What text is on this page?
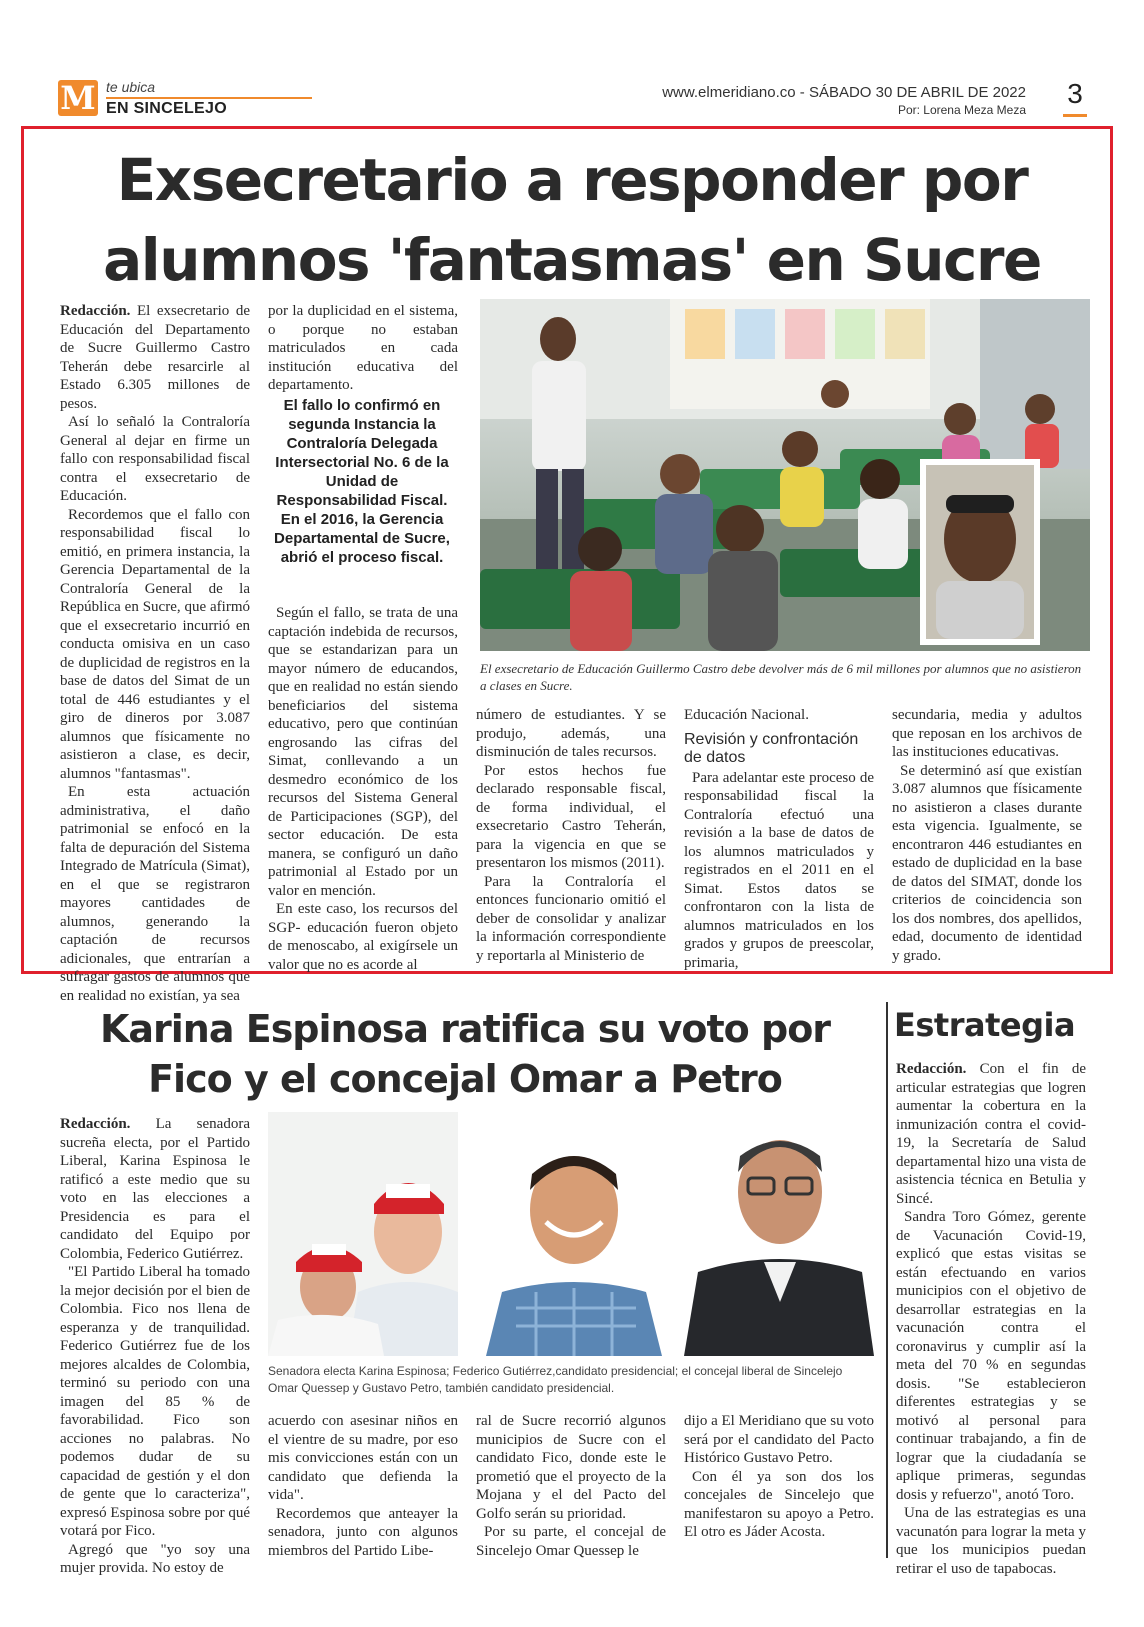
M te ubica
EN SINCELEJO
www.elmeridiano.co - SÁBADO 30 DE ABRIL DE 2022
Por: Lorena Meza Meza
3
Exsecretario a responder por
alumnos 'fantasmas' en Sucre

Redacción. El exsecretario de Educación del Departamento de Sucre Guillermo Castro Teherán debe resarcirle al Estado 6.305 millones de pesos.

Así lo señaló la Contraloría General al dejar en firme un fallo con responsabilidad fiscal contra el exsecretario de Educación.

Recordemos que el fallo con responsabilidad fiscal lo emitió, en primera instancia, la Gerencia Departamental de la Contraloría General de la República en Sucre, que afirmó que el exsecretario incurrió en conducta omisiva en un caso de duplicidad de registros en la base de datos del Simat de un total de 446 estudiantes y el giro de dineros por 3.087 alumnos que físicamente no asistieron a clase, es decir, alumnos "fantasmas".

En esta actuación administrativa, el daño patrimonial se enfocó en la falta de depuración del Sistema Integrado de Matrícula (Simat), en el que se registraron mayores cantidades de alumnos, generando la captación de recursos adicionales, que entrarían a sufragar gastos de alumnos que en realidad no existían, ya sea

por la duplicidad en el sistema, o porque no estaban matriculados en cada institución educativa del departamento.

El fallo lo confirmó en segunda Instancia la Contraloría Delegada Intersectorial No. 6 de la Unidad de Responsabilidad Fiscal. En el 2016, la Gerencia Departamental de Sucre, abrió el proceso fiscal.

Según el fallo, se trata de una captación indebida de recursos, que se estandarizan para un mayor número de educandos, que en realidad no están siendo beneficiarios del sistema educativo, pero que continúan engrosando las cifras del Simat, conllevando a un desmedro económico de los recursos del Sistema General de Participaciones (SGP), del sector educación. De esta manera, se configuró un daño patrimonial al Estado por un valor en mención.

En este caso, los recursos del SGP- educación fueron objeto de menoscabo, al exigírsele un valor que no es acorde al

El exsecretario de Educación Guillermo Castro debe devolver más de 6 mil millones por alumnos que no asistieron a clases en Sucre.

número de estudiantes. Y se produjo, además, una disminución de tales recursos.

Por estos hechos fue declarado responsable fiscal, de forma individual, el exsecretario Castro Teherán, para la vigencia en que se presentaron los mismos (2011).

Para la Contraloría el entonces funcionario omitió el deber de consolidar y analizar la información correspondiente y reportarla al Ministerio de

Educación Nacional.

Revisión y confrontación de datos

Para adelantar este proceso de responsabilidad fiscal la Contraloría efectuó una revisión a la base de datos de los alumnos matriculados y registrados en el 2011 en el Simat. Estos datos se confrontaron con la lista de alumnos matriculados en los grados y grupos de preescolar, primaria,

secundaria, media y adultos que reposan en los archivos de las instituciones educativas.

Se determinó así que existían 3.087 alumnos que físicamente no asistieron a clases durante esta vigencia. Igualmente, se encontraron 446 estudiantes en estado de duplicidad en la base de datos del SIMAT, donde los criterios de coincidencia son los dos nombres, dos apellidos, edad, documento de identidad y grado.

Karina Espinosa ratifica su voto por
Fico y el concejal Omar a Petro

Redacción. La senadora sucreña electa, por el Partido Liberal, Karina Espinosa le ratificó a este medio que su voto en las elecciones a Presidencia es para el candidato del Equipo por Colombia, Federico Gutiérrez.

"El Partido Liberal ha tomado la mejor decisión por el bien de Colombia. Fico nos llena de esperanza y de tranquilidad. Federico Gutiérrez fue de los mejores alcaldes de Colombia, terminó su periodo con una imagen del 85 % de favorabilidad. Fico son acciones no palabras. No podemos dudar de su capacidad de gestión y el don de gente que lo caracteriza", expresó Espinosa sobre por qué votará por Fico.

Agregó que "yo soy una mujer provida. No estoy de

Senadora electa Karina Espinosa; Federico Gutiérrez,candidato presidencial; el concejal liberal de Sincelejo Omar Quessep y Gustavo Petro, también candidato presidencial.

acuerdo con asesinar niños en el vientre de su madre, por eso mis convicciones están con un candidato que defienda la vida".

Recordemos que anteayer la senadora, junto con algunos miembros del Partido Libe-

ral de Sucre recorrió algunos municipios de Sucre con el candidato Fico, donde este le prometió que el proyecto de la Mojana y el del Pacto del Golfo serán su prioridad.

Por su parte, el concejal de Sincelejo Omar Quessep le

dijo a El Meridiano que su voto será por el candidato del Pacto Histórico Gustavo Petro.

Con él ya son dos los concejales de Sincelejo que manifestaron su apoyo a Petro. El otro es Jáder Acosta.

Estrategia

Redacción. Con el fin de articular estrategias que logren aumentar la cobertura en la inmunización contra el covid-19, la Secretaría de Salud departamental hizo una vista de asistencia técnica en Betulia y Sincé.

Sandra Toro Gómez, gerente de Vacunación Covid-19, explicó que estas visitas se están efectuando en varios municipios con el objetivo de desarrollar estrategias en la vacunación contra el coronavirus y cumplir así la meta del 70 % en segundas dosis. "Se establecieron diferentes estrategias y se motivó al personal para continuar trabajando, a fin de lograr que la ciudadanía se aplique primeras, segundas dosis y refuerzo", anotó Toro.

Una de las estrategias es una vacunatón para lograr la meta y que los municipios puedan retirar el uso de tapabocas.
